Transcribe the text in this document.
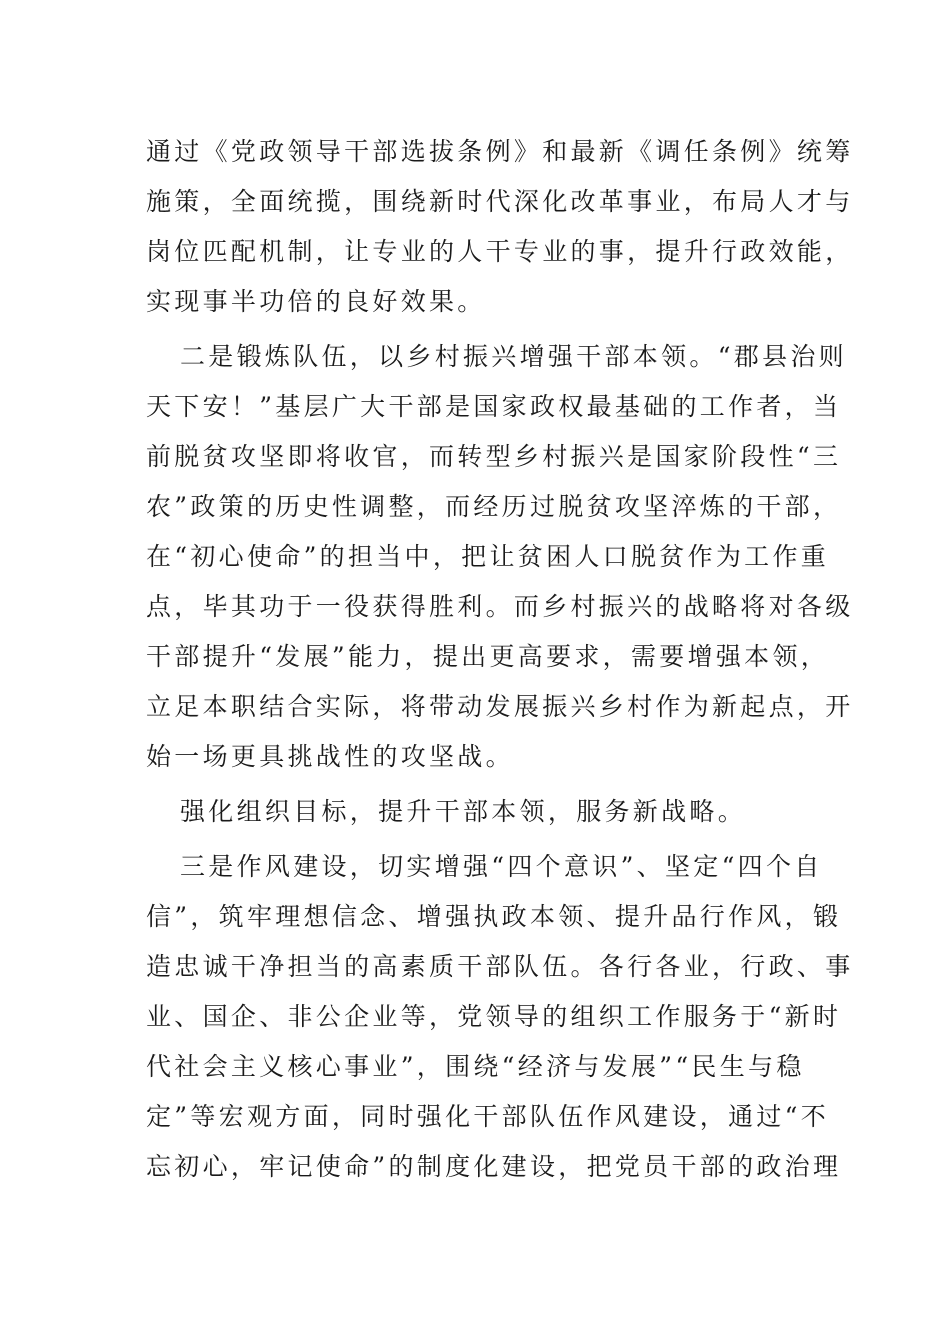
通过《党政领导干部选拔条例》和最新《调任条例》统筹
施策，全面统揽，围绕新时代深化改革事业，布局人才与
岗位匹配机制，让专业的人干专业的事，提升行政效能，
实现事半功倍的良好效果。
二是锻炼队伍，以乡村振兴增强干部本领。“郡县治则
天下安！”基层广大干部是国家政权最基础的工作者，当
前脱贫攻坚即将收官，而转型乡村振兴是国家阶段性“三
农”政策的历史性调整，而经历过脱贫攻坚淬炼的干部，
在“初心使命”的担当中，把让贫困人口脱贫作为工作重
点，毕其功于一役获得胜利。而乡村振兴的战略将对各级
干部提升“发展”能力，提出更高要求，需要增强本领，
立足本职结合实际，将带动发展振兴乡村作为新起点，开
始一场更具挑战性的攻坚战。
强化组织目标，提升干部本领，服务新战略。
三是作风建设，切实增强“四个意识”、坚定“四个自
信”，筑牢理想信念、增强执政本领、提升品行作风，锻
造忠诚干净担当的高素质干部队伍。各行各业，行政、事
业、国企、非公企业等，党领导的组织工作服务于“新时
代社会主义核心事业”，围绕“经济与发展”“民生与稳
定”等宏观方面，同时强化干部队伍作风建设，通过“不
忘初心，牢记使命”的制度化建设，把党员干部的政治理
